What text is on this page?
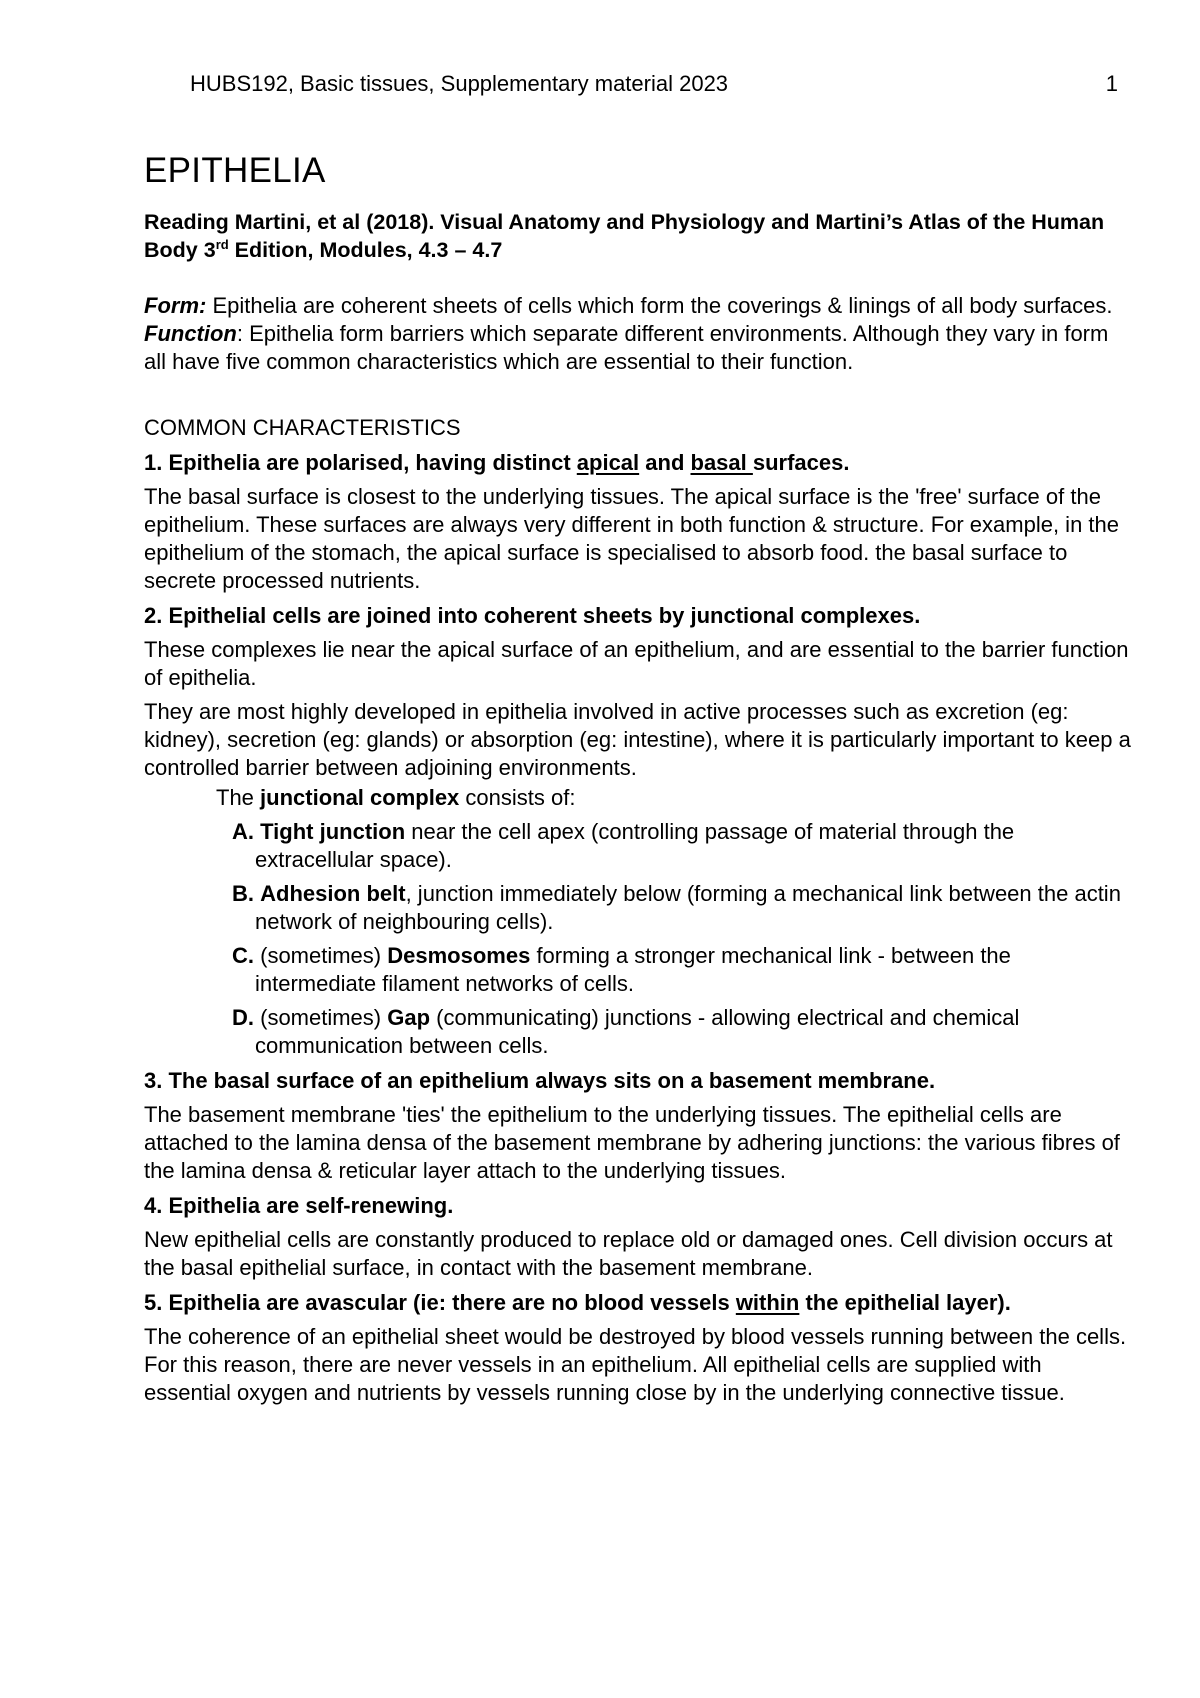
HUBS192, Basic tissues, Supplementary material 2023	1
EPITHELIA

Reading Martini, et al (2018). Visual Anatomy and Physiology and Martini’s Atlas of the Human Body 3rd Edition, Modules, 4.3 – 4.7

Form: Epithelia are coherent sheets of cells which form the coverings & linings of all body surfaces. Function: Epithelia form barriers which separate different environments. Although they vary in form all have five common characteristics which are essential to their function.

COMMON CHARACTERISTICS

1. Epithelia are polarised, having distinct apical and basal surfaces.

The basal surface is closest to the underlying tissues. The apical surface is the 'free' surface of the epithelium. These surfaces are always very different in both function & structure. For example, in the epithelium of the stomach, the apical surface is specialised to absorb food. the basal surface to secrete processed nutrients.

2. Epithelial cells are joined into coherent sheets by junctional complexes.

These complexes lie near the apical surface of an epithelium, and are essential to the barrier function of epithelia.

They are most highly developed in epithelia involved in active processes such as excretion (eg: kidney), secretion (eg: glands) or absorption (eg: intestine), where it is particularly important to keep a controlled barrier between adjoining environments.

The junctional complex consists of:

A. Tight junction near the cell apex (controlling passage of material through the extracellular space).

B. Adhesion belt, junction immediately below (forming a mechanical link between the actin network of neighbouring cells).

C. (sometimes) Desmosomes forming a stronger mechanical link - between the intermediate filament networks of cells.

D. (sometimes) Gap (communicating) junctions - allowing electrical and chemical communication between cells.

3. The basal surface of an epithelium always sits on a basement membrane.

The basement membrane 'ties' the epithelium to the underlying tissues. The epithelial cells are attached to the lamina densa of the basement membrane by adhering junctions: the various fibres of the lamina densa & reticular layer attach to the underlying tissues.

4. Epithelia are self-renewing.

New epithelial cells are constantly produced to replace old or damaged ones. Cell division occurs at the basal epithelial surface, in contact with the basement membrane.

5. Epithelia are avascular (ie: there are no blood vessels within the epithelial layer).

The coherence of an epithelial sheet would be destroyed by blood vessels running between the cells. For this reason, there are never vessels in an epithelium. All epithelial cells are supplied with essential oxygen and nutrients by vessels running close by in the underlying connective tissue.
